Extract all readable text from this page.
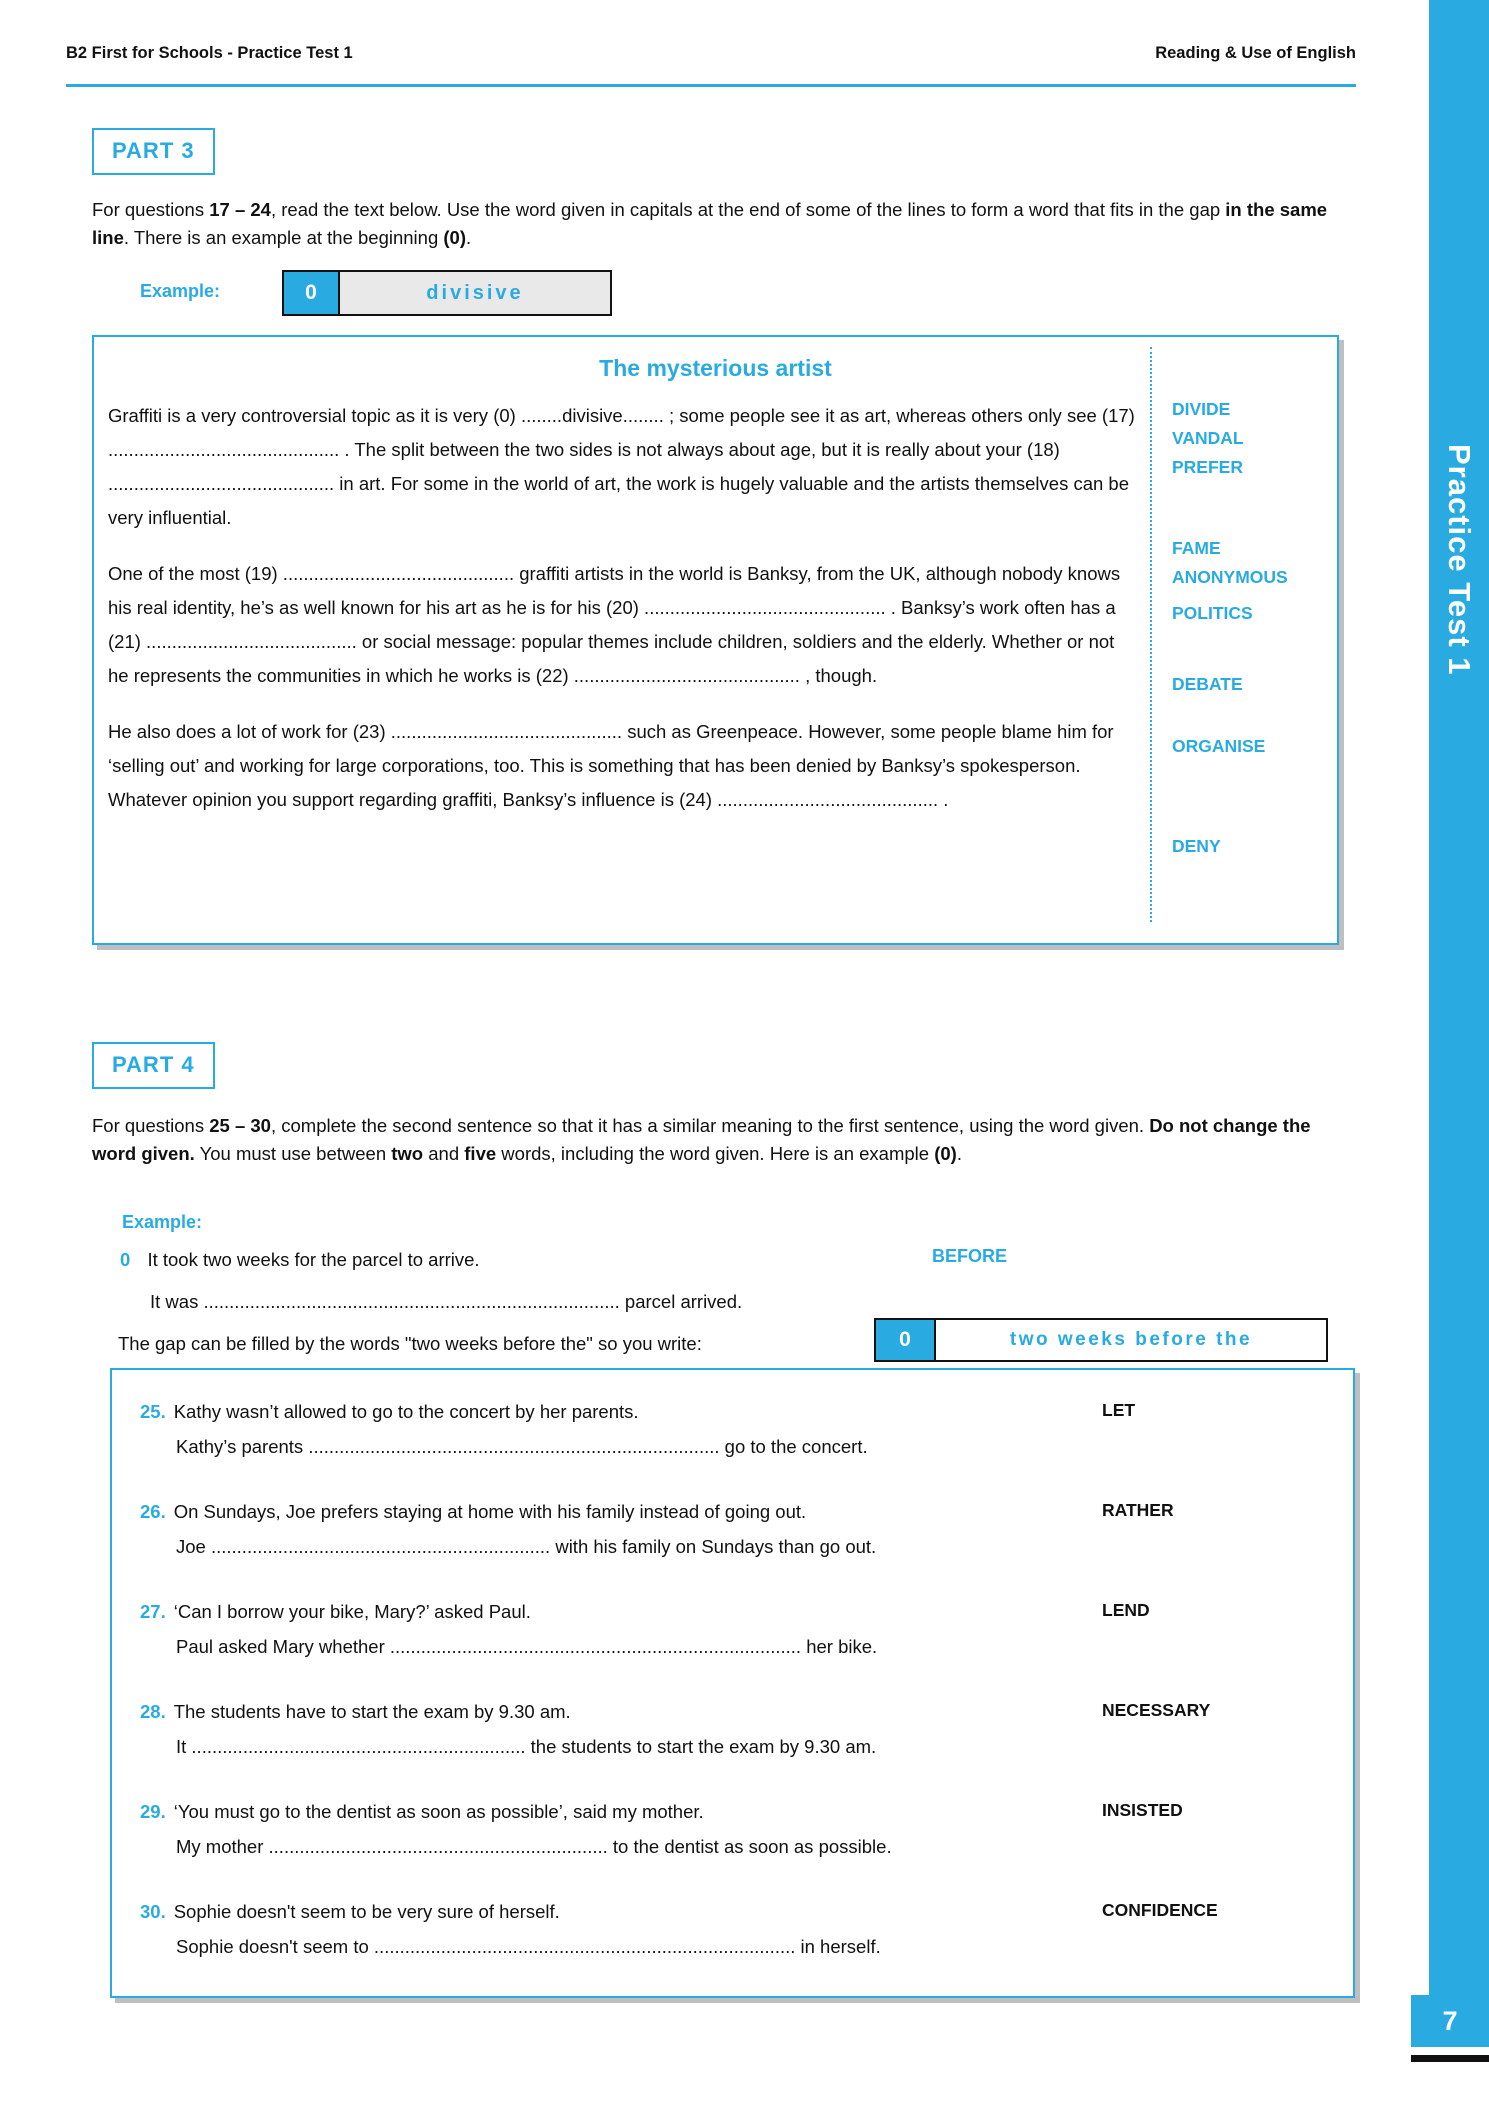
Practice Test 1
7
B2 First for Schools - Practice Test 1	Reading & Use of English
PART 3
For questions 17 – 24, read the text below. Use the word given in capitals at the end of some of the lines to form a word that fits in the gap in the same line. There is an example at the beginning (0).
Example:	0	divisive
The mysterious artist

Graffiti is a very controversial topic as it is very (0) ........divisive........ ; some people see it as art, whereas others only see (17) ............................................. . The split between the two sides is not always about age, but it is really about your (18) ............................................ in art. For some in the world of art, the work is hugely valuable and the artists themselves can be very influential.

One of the most (19) ............................................. graffiti artists in the world is Banksy, from the UK, although nobody knows his real identity, he’s as well known for his art as he is for his (20) ............................................... . Banksy’s work often has a (21) ......................................... or social message: popular themes include children, soldiers and the elderly. Whether or not he represents the communities in which he works is (22) ............................................ , though.

He also does a lot of work for (23) ............................................. such as Greenpeace. However, some people blame him for ‘selling out’ and working for large corporations, too. This is something that has been denied by Banksy’s spokesperson. Whatever opinion you support regarding graffiti, Banksy’s influence is (24) ........................................... .

DIVIDE
VANDAL
PREFER
FAME
ANONYMOUS
POLITICS
DEBATE
ORGANISE
DENY
PART 4
For questions 25 – 30, complete the second sentence so that it has a similar meaning to the first sentence, using the word given. Do not change the word given. You must use between two and five words, including the word given. Here is an example (0).
Example:
0 It took two weeks for the parcel to arrive.	BEFORE
It was ................................................................................. parcel arrived.
The gap can be filled by the words "two weeks before the" so you write:	0	two weeks before the
25. Kathy wasn’t allowed to go to the concert by her parents.
Kathy’s parents ................................................................................ go to the concert.
LET
26. On Sundays, Joe prefers staying at home with his family instead of going out.
Joe .................................................................. with his family on Sundays than go out.
RATHER
27. ‘Can I borrow your bike, Mary?’ asked Paul.
Paul asked Mary whether ................................................................................ her bike.
LEND
28. The students have to start the exam by 9.30 am.
It ................................................................. the students to start the exam by 9.30 am.
NECESSARY
29. ‘You must go to the dentist as soon as possible’, said my mother.
My mother .................................................................. to the dentist as soon as possible.
INSISTED
30. Sophie doesn't seem to be very sure of herself.
Sophie doesn't seem to .................................................................................. in herself.
CONFIDENCE
